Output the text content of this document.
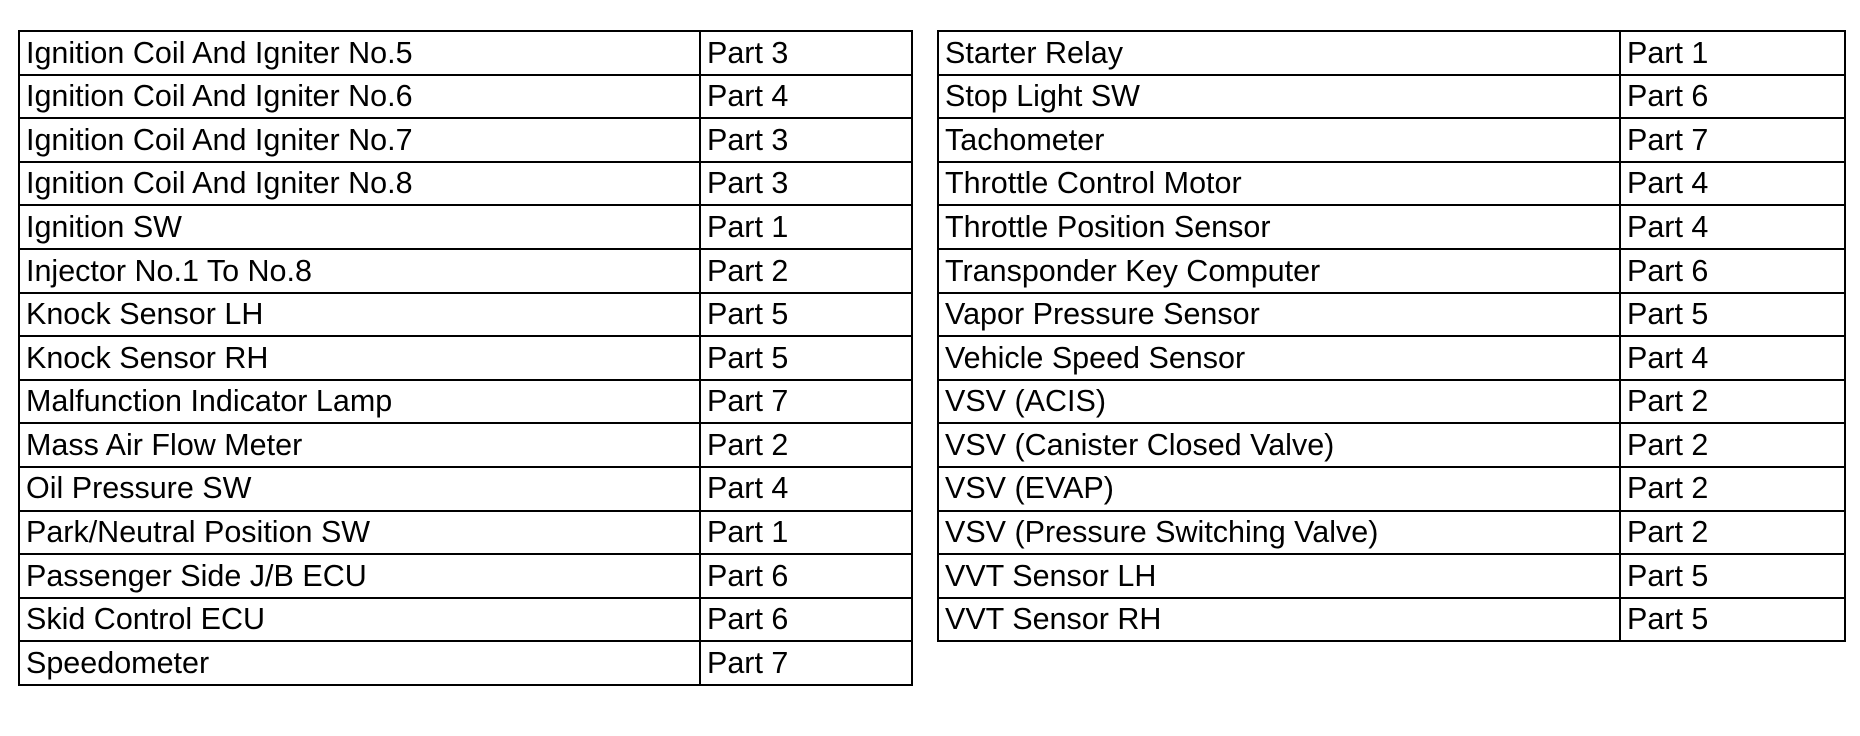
Ignition Coil And Igniter No.5	Part 3
Ignition Coil And Igniter No.6	Part 4
Ignition Coil And Igniter No.7	Part 3
Ignition Coil And Igniter No.8	Part 3
Ignition SW	Part 1
Injector No.1 To No.8	Part 2
Knock Sensor LH	Part 5
Knock Sensor RH	Part 5
Malfunction Indicator Lamp	Part 7
Mass Air Flow Meter	Part 2
Oil Pressure SW	Part 4
Park/Neutral Position SW	Part 1
Passenger Side J/B ECU	Part 6
Skid Control ECU	Part 6
Speedometer	Part 7
Starter Relay	Part 1
Stop Light SW	Part 6
Tachometer	Part 7
Throttle Control Motor	Part 4
Throttle Position Sensor	Part 4
Transponder Key Computer	Part 6
Vapor Pressure Sensor	Part 5
Vehicle Speed Sensor	Part 4
VSV (ACIS)	Part 2
VSV (Canister Closed Valve)	Part 2
VSV (EVAP)	Part 2
VSV (Pressure Switching Valve)	Part 2
VVT Sensor LH	Part 5
VVT Sensor RH	Part 5
